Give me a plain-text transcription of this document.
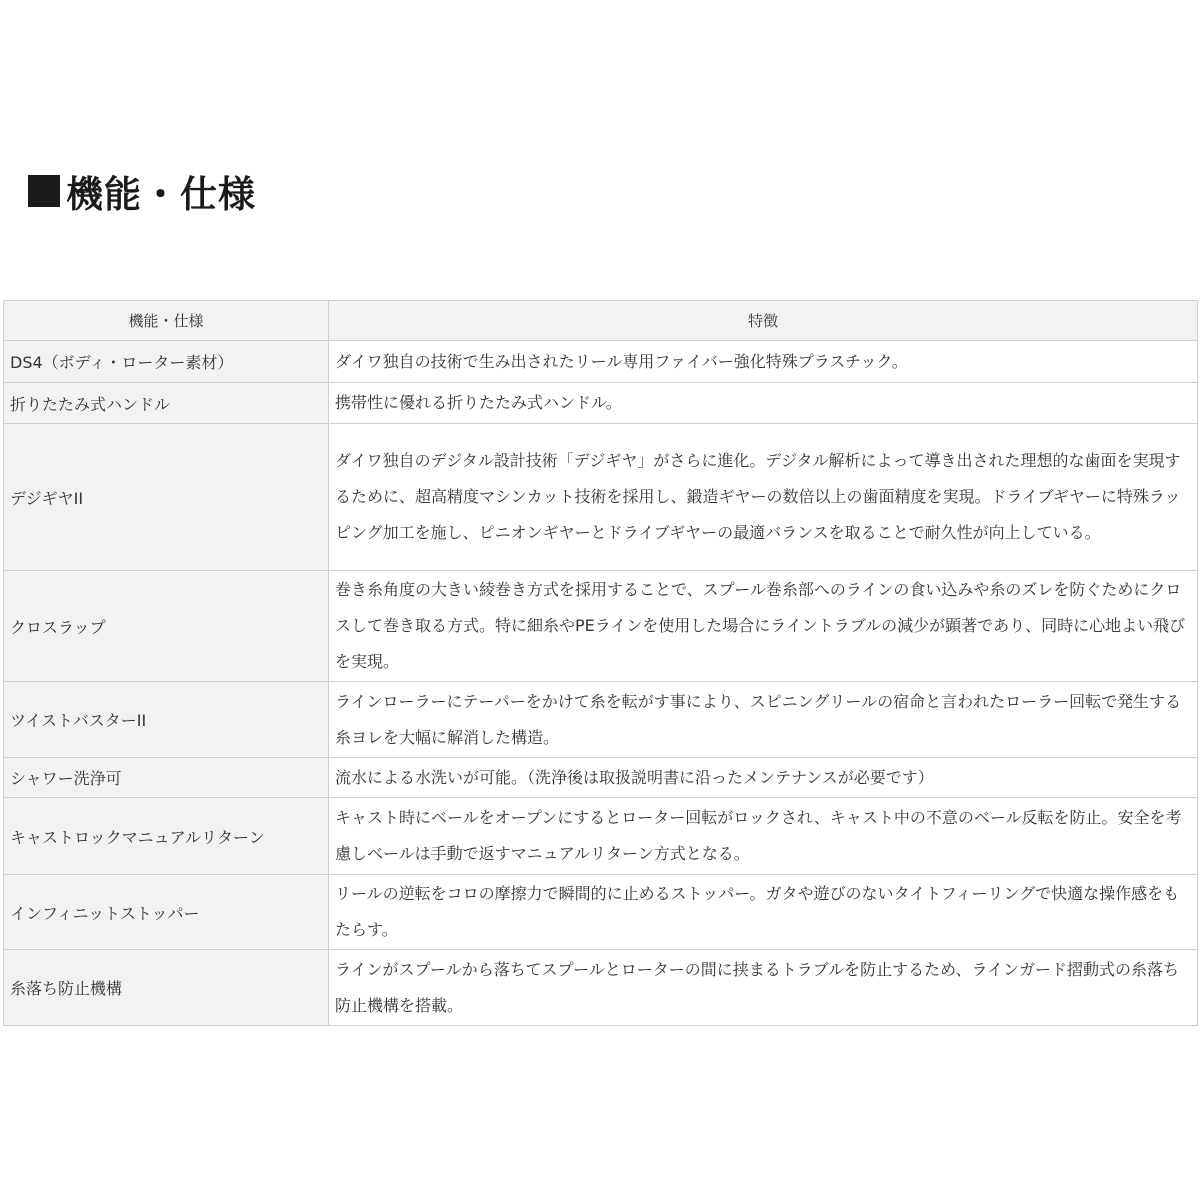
機能・仕様
機能・仕様	特徴
DS4（ボディ・ローター素材）	ダイワ独自の技術で生み出されたリール専用ファイバー強化特殊プラスチック。
折りたたみ式ハンドル	携帯性に優れる折りたたみ式ハンドル。
デジギヤII	ダイワ独自のデジタル設計技術「デジギヤ」がさらに進化。デジタル解析によって導き出された理想的な歯面を実現するために、超高精度マシンカット技術を採用し、鍛造ギヤーの数倍以上の歯面精度を実現。ドライブギヤーに特殊ラッピング加工を施し、ピニオンギヤーとドライブギヤーの最適バランスを取ることで耐久性が向上している。
クロスラップ	巻き糸角度の大きい綾巻き方式を採用することで、スプール巻糸部へのラインの食い込みや糸のズレを防ぐためにクロスして巻き取る方式。特に細糸やPEラインを使用した場合にライントラブルの減少が顕著であり、同時に心地よい飛びを実現。
ツイストバスターII	ラインローラーにテーパーをかけて糸を転がす事により、スピニングリールの宿命と言われたローラー回転で発生する糸ヨレを大幅に解消した構造。
シャワー洗浄可	流水による水洗いが可能。（洗浄後は取扱説明書に沿ったメンテナンスが必要です）
キャストロックマニュアルリターン	キャスト時にベールをオープンにするとローター回転がロックされ、キャスト中の不意のベール反転を防止。安全を考慮しベールは手動で返すマニュアルリターン方式となる。
インフィニットストッパー	リールの逆転をコロの摩擦力で瞬間的に止めるストッパー。ガタや遊びのないタイトフィーリングで快適な操作感をもたらす。
糸落ち防止機構	ラインがスプールから落ちてスプールとローターの間に挟まるトラブルを防止するため、ラインガード摺動式の糸落ち防止機構を搭載。
